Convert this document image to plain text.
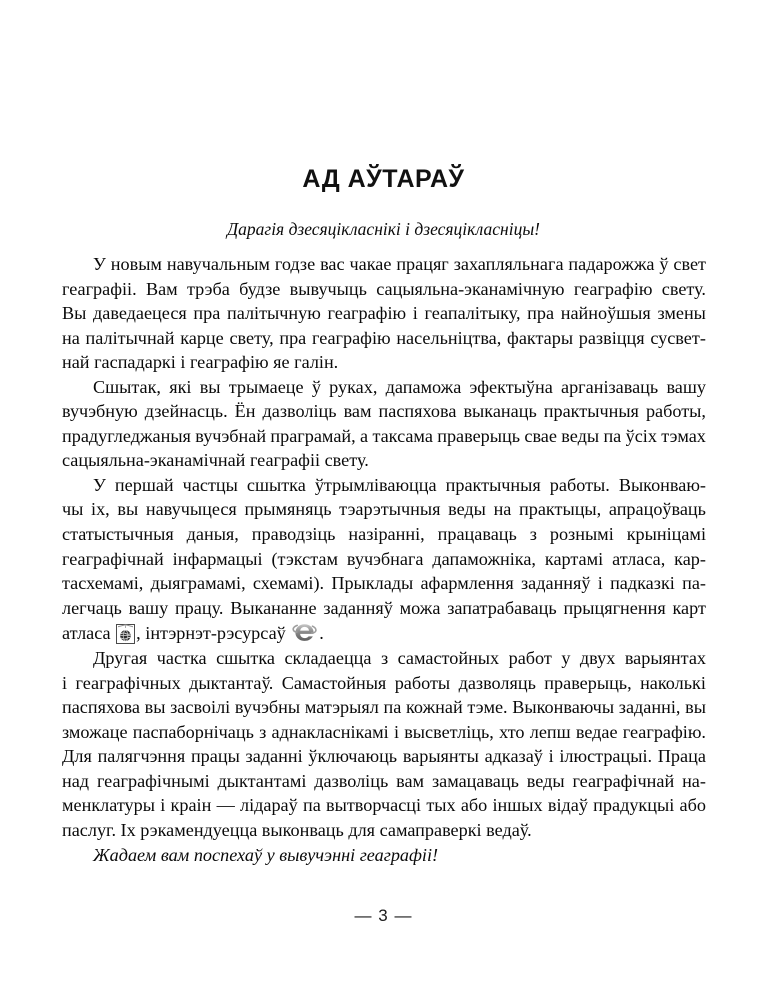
АД АЎТАРАЎ
Дарагія дзесяцікласнікі і дзесяцікласніцы!
У новым навучальным годзе вас чакае працяг захапляльнага падарожжа ў свет
геаграфіі. Вам трэба будзе вывучыць сацыяльна-эканамічную геаграфію свету.
Вы даведаецеся пра палітычную геаграфію і геапалітыку, пра найноўшыя змены
на палітычнай карце свету, пра геаграфію насельніцтва, фактары развіцця сусвет-
най гаспадаркі і геаграфію яе галін.
Сшытак, які вы трымаеце ў руках, дапаможа эфектыўна арганізаваць вашу
вучэбную дзейнасць. Ён дазволіць вам паспяхова выканаць практычныя работы,
прадугледжаныя вучэбнай праграмай, а таксама праверыць свае веды па ўсіх тэмах
сацыяльна-эканамічнай геаграфіі свету.
У першай частцы сшытка ўтрымліваюцца практычныя работы. Выконваю-
чы іх, вы навучыцеся прымяняць тэарэтычныя веды на практыцы, апрацоўваць
статыстычныя даныя, праводзіць назіранні, працаваць з рознымі крыніцамі
геаграфічнай інфармацыі (тэкстам вучэбнага дапаможніка, картамі атласа, кар-
тасхемамі, дыяграмамі, схемамі). Прыклады афармлення заданняў і падказкі па-
легчаць вашу працу. Выкананне заданняў можа запатрабаваць прыцягнення карт
атласа , інтэрнэт-рэсурсаў .
Другая частка сшытка складаецца з самастойных работ у двух варыянтах
і геаграфічных дыктантаў. Самастойныя работы дазволяць праверыць, наколькі
паспяхова вы засвоілі вучэбны матэрыял па кожнай тэме. Выконваючы заданні, вы
зможаце паспаборнічаць з аднакласнікамі і высветліць, хто лепш ведае геаграфію.
Для палягчэння працы заданні ўключаюць варыянты адказаў і ілюстрацыі. Праца
над геаграфічнымі дыктантамі дазволіць вам замацаваць веды геаграфічнай на-
менклатуры і краін — лідараў па вытворчасці тых або іншых відаў прадукцыі або
паслуг. Іх рэкамендуецца выконваць для самаправеркі ведаў.
Жадаем вам поспехаў у вывучэнні геаграфіі!
— 3 —
